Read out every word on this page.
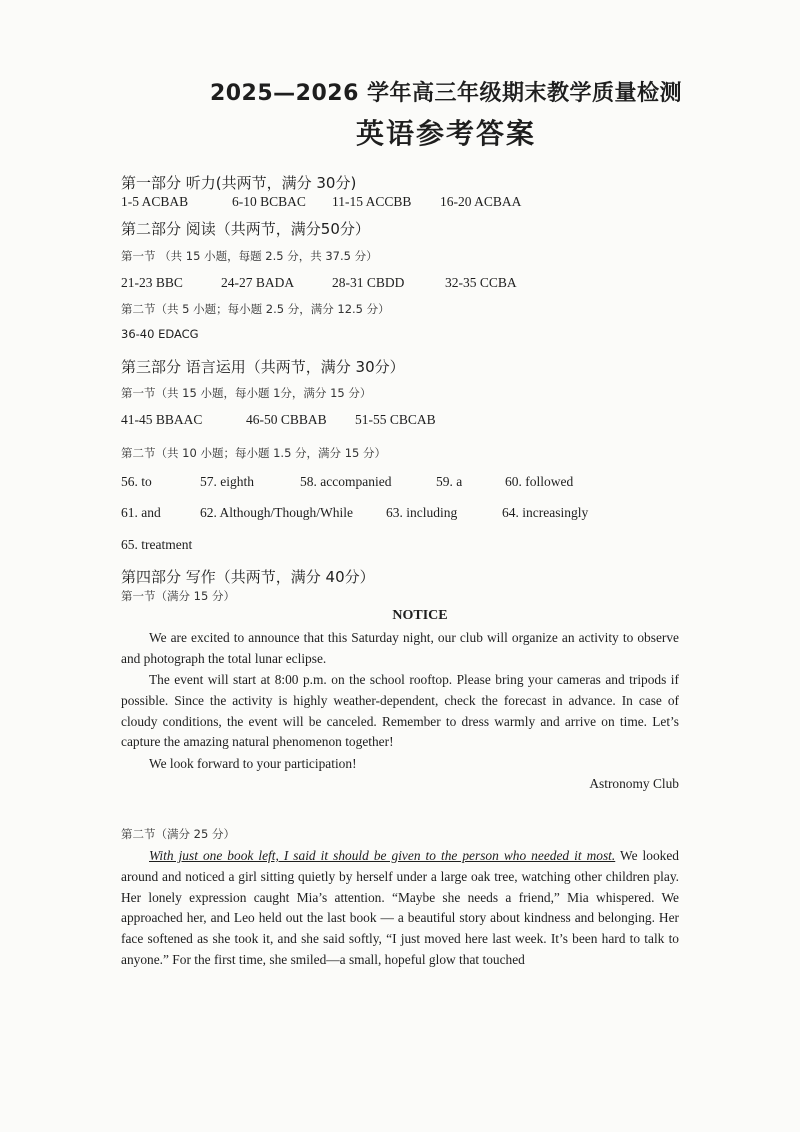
2025—2026 学年高三年级期末教学质量检测
英语参考答案
第一部分 听力(共两节，满分 30分)
1-5 ACBAB	6-10 BCBAC 11-15 ACCBB 16-20 ACBAA
第二部分 阅读（共两节，满分50分）
第一节 （共 15 小题，每题 2.5 分，共 37.5 分）
21-23 BBC	24-27 BADA	28-31 CBDD	32-35 CCBA
第二节（共 5 小题；每小题 2.5 分，满分 12.5 分）
36-40 EDACG
第三部分 语言运用（共两节，满分 30分）
第一节（共 15 小题，每小题 1分，满分 15 分）
41-45 BBAAC	46-50 CBBAB 51-55 CBCAB
第二节（共 10 小题；每小题 1.5 分，满分 15 分）
56. to	57. eighth	58. accompanied	59. a	60. followed
61. and	62. Although/Though/While 63. including	64. increasingly
65. treatment
第四部分 写作（共两节，满分 40分）
第一节（满分 15 分）
NOTICE
We are excited to announce that this Saturday night, our club will organize an activity to observe and photograph the total lunar eclipse.
The event will start at 8:00 p.m. on the school rooftop. Please bring your cameras and tripods if possible. Since the activity is highly weather-dependent, check the forecast in advance. In case of cloudy conditions, the event will be canceled. Remember to dress warmly and arrive on time. Let’s capture the amazing natural phenomenon together!
We look forward to your participation!
Astronomy Club
第二节（满分 25 分）
With just one book left, I said it should be given to the person who needed it most. We looked around and noticed a girl sitting quietly by herself under a large oak tree, watching other children play. Her lonely expression caught Mia’s attention. “Maybe she needs a friend,” Mia whispered. We approached her, and Leo held out the last book — a beautiful story about kindness and belonging. Her face softened as she took it, and she said softly, “I just moved here last week. It’s been hard to talk to anyone.” For the first time, she smiled—a small, hopeful glow that touched
